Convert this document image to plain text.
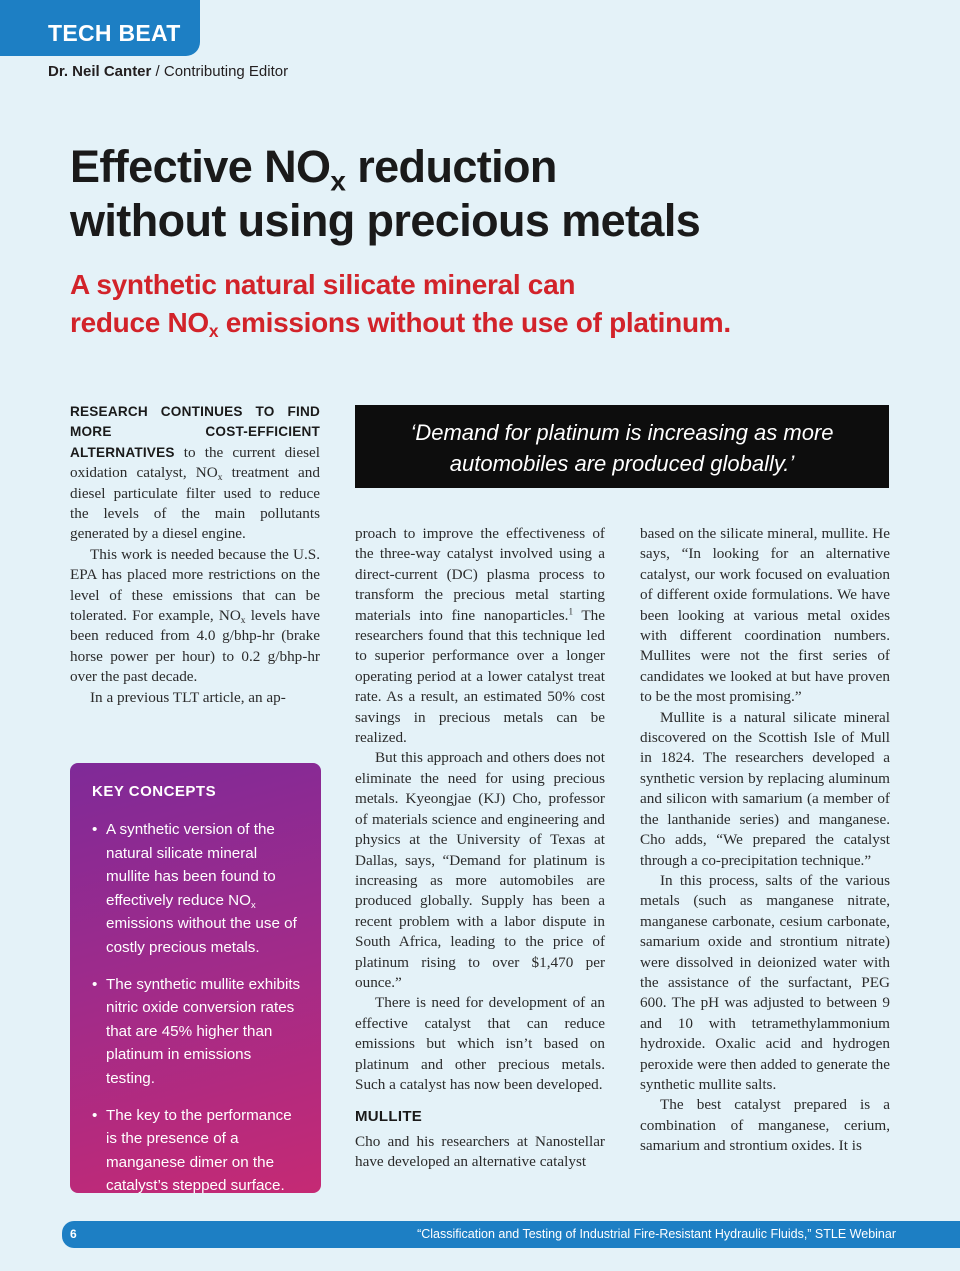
TECH BEAT
Dr. Neil Canter / Contributing Editor
Effective $NO_x$ reduction
without using precious metals
A synthetic natural silicate mineral can
reduce $NO_x$ emissions without the use of platinum.

RESEARCH CONTINUES TO FIND MORE COST-EFFICIENT ALTERNATIVES to the current diesel oxidation catalyst, $NO_x$ treatment and diesel particulate filter used to reduce the levels of the main pollutants generated by a diesel engine.

This work is needed because the U.S. EPA has placed more restrictions on the level of these emissions that can be tolerated. For example, $NO_x$ levels have been reduced from 4.0 g/bhp-hr (brake horse power per hour) to 0.2 g/bhp-hr over the past decade.

In a previous TLT article, an ap-

KEY CONCEPTS
• A synthetic version of the natural silicate mineral mullite has been found to effectively reduce $NO_x$ emissions without the use of costly precious metals.
• The synthetic mullite exhibits nitric oxide conversion rates that are 45% higher than platinum in emissions testing.
• The key to the performance is the presence of a manganese dimer on the catalyst’s stepped surface.
‘Demand for platinum is increasing as more automobiles are produced globally.’

proach to improve the effectiveness of the three-way catalyst involved using a direct-current (DC) plasma process to transform the precious metal starting materials into fine nanoparticles.$^1$ The researchers found that this technique led to superior performance over a longer operating period at a lower catalyst treat rate. As a result, an estimated 50% cost savings in precious metals can be realized.

But this approach and others does not eliminate the need for using precious metals. Kyeongjae (KJ) Cho, professor of materials science and engineering and physics at the University of Texas at Dallas, says, “Demand for platinum is increasing as more automobiles are produced globally. Supply has been a recent problem with a labor dispute in South Africa, leading to the price of platinum rising to over $1,470 per ounce.”

There is need for development of an effective catalyst that can reduce emissions but which isn’t based on platinum and other precious metals. Such a catalyst has now been developed.

MULLITE

Cho and his researchers at Nanostellar have developed an alternative catalyst

based on the silicate mineral, mullite. He says, “In looking for an alternative catalyst, our work focused on evaluation of different oxide formulations. We have been looking at various metal oxides with different coordination numbers. Mullites were not the first series of candidates we looked at but have proven to be the most promising.”

Mullite is a natural silicate mineral discovered on the Scottish Isle of Mull in 1824. The researchers developed a synthetic version by replacing aluminum and silicon with samarium (a member of the lanthanide series) and manganese. Cho adds, “We prepared the catalyst through a co-precipitation technique.”

In this process, salts of the various metals (such as manganese nitrate, manganese carbonate, cesium carbonate, samarium oxide and strontium nitrate) were dissolved in deionized water with the assistance of the surfactant, PEG 600. The pH was adjusted to between 9 and 10 with tetramethylammonium hydroxide. Oxalic acid and hydrogen peroxide were then added to generate the synthetic mullite salts.

The best catalyst prepared is a combination of manganese, cerium, samarium and strontium oxides. It is

6	“Classification and Testing of Industrial Fire-Resistant Hydraulic Fluids,” STLE Webinar
